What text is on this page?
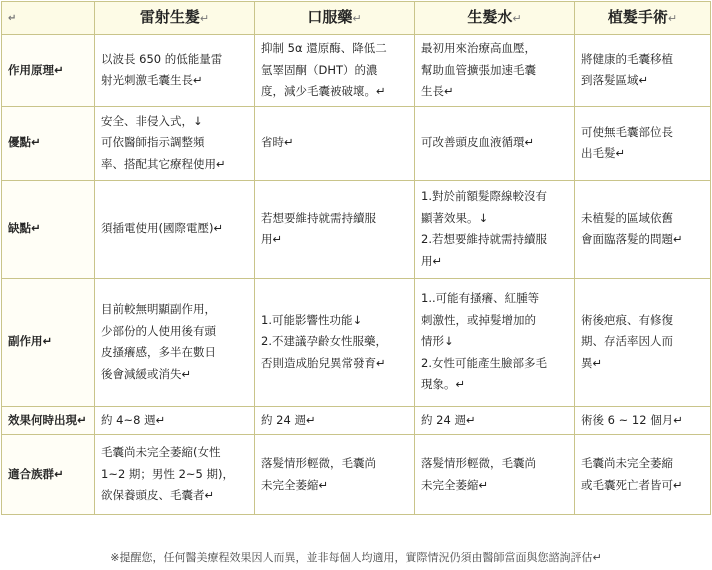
↵	雷射生髮↵	口服藥↵	生髮水↵	植髮手術↵
作用原理↵	以波長 650 的低能量雷
射光刺激毛囊生長↵	抑制 5α 還原酶、降低二
氫睪固酮（DHT）的濃
度，減少毛囊被破壞。↵	最初用來治療高血壓，
幫助血管擴張加速毛囊
生長↵	將健康的毛囊移植
到落髮區域↵

優點↵	安全、非侵入式，↓
可依醫師指示調整頻
率、搭配其它療程使用↵	省時↵	可改善頭皮血液循環↵	可使無毛囊部位長
出毛髮↵

缺點↵	須插電使用(國際電壓)↵	若想要維持就需持續服
用↵	1.對於前額髮際線較沒有
顯著效果。↓
2.若想要維持就需持續服
用↵	未植髮的區域依舊
會面臨落髮的問題↵

副作用↵	目前較無明顯副作用，
少部份的人使用後有頭
皮搔癢感，多半在數日
後會減緩或消失↵	1.可能影響性功能↓
2.不建議孕齡女性服藥，
否則造成胎兒異常發育↵	1..可能有搔癢、紅腫等
刺激性，或掉髮增加的
情形↓
2.女性可能產生臉部多毛
現象。↵	術後疤痕、有修復
期、存活率因人而
異↵

效果何時出現↵	約 4~8 週↵	約 24 週↵	約 24 週↵	術後 6 ~ 12 個月↵

適合族群↵	毛囊尚未完全萎縮(女性
1~2 期；男性 2~5 期)，
欲保養頭皮、毛囊者↵	落髮情形輕微，毛囊尚
未完全萎縮↵	落髮情形輕微，毛囊尚
未完全萎縮↵	毛囊尚未完全萎縮
或毛囊死亡者皆可↵
※提醒您，任何醫美療程效果因人而異，並非每個人均適用，實際情況仍須由醫師當面與您諮詢評估↵
